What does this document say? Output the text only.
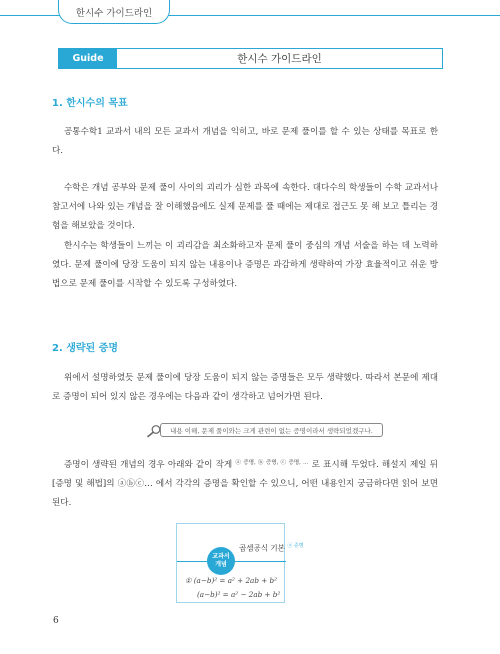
한시수 가이드라인
Guide	한시수 가이드라인
1. 한시수의 목표
공통수학1 교과서 내의 모든 교과서 개념을 익히고, 바로 문제 풀이를 할 수 있는 상태를 목표로 한다.
수학은 개념 공부와 문제 풀이 사이의 괴리가 심한 과목에 속한다. 대다수의 학생들이 수학 교과서나 참고서에 나와 있는 개념을 잘 이해했음에도 실제 문제를 풀 때에는 제대로 접근도 못 해 보고 틀리는 경험을 해보았을 것이다.
한시수는 학생들이 느끼는 이 괴리감을 최소화하고자 문제 풀이 중심의 개념 서술을 하는 데 노력하였다. 문제 풀이에 당장 도움이 되지 않는 내용이나 증명은 과감하게 생략하여 가장 효율적이고 쉬운 방법으로 문제 풀이를 시작할 수 있도록 구성하였다.
2. 생략된 증명
위에서 설명하였듯 문제 풀이에 당장 도움이 되지 않는 증명들은 모두 생략했다. 따라서 본문에 제대로 증명이 되어 있지 않은 경우에는 다음과 같이 생각하고 넘어가면 된다.
내용 이해, 문제 풀이와는 크게 관련이 없는 증명이라서 생략되었겠구나.
증명이 생략된 개념의 경우 아래와 같이 작게 $^{ⓐ 증명, ⓑ 증명, ⓒ 증명, \dots}$ 로 표시해 두었다. 해설지 제일 뒤 [증명 및 해법]의 ⓐⓑⓒ… 에서 각각의 증명을 확인할 수 있으니, 어떤 내용인지 궁금하다면 읽어 보면 된다.
교과서
개념
곱셈공식 기본 $^{ⓐ 증명}$
① (a−b)² = a² + 2ab + b²
(a−b)² = a² − 2ab + b²
6
